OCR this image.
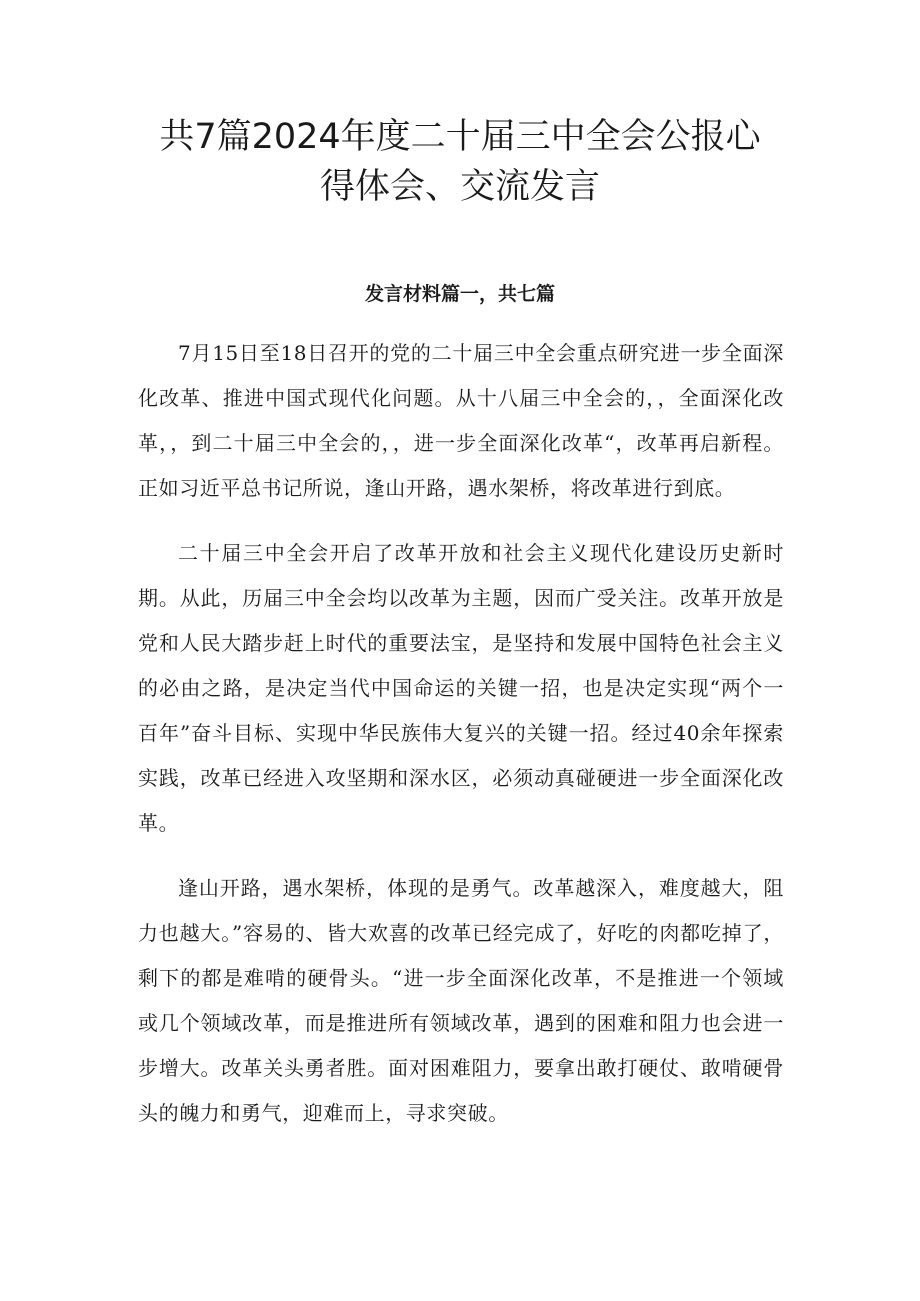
共7篇2024年度二十届三中全会公报心得体会、交流发言
发言材料篇一，共七篇

7月15日至18日召开的党的二十届三中全会重点研究进一步全面深化改革、推进中国式现代化问题。从十八届三中全会的，，全面深化改革，，到二十届三中全会的，，进一步全面深化改革“，改革再启新程。正如习近平总书记所说，逢山开路，遇水架桥，将改革进行到底。

二十届三中全会开启了改革开放和社会主义现代化建设历史新时期。从此，历届三中全会均以改革为主题，因而广受关注。改革开放是党和人民大踏步赶上时代的重要法宝，是坚持和发展中国特色社会主义的必由之路，是决定当代中国命运的关键一招，也是决定实现“两个一百年”奋斗目标、实现中华民族伟大复兴的关键一招。经过40余年探索实践，改革已经进入攻坚期和深水区，必须动真碰硬进一步全面深化改革。

逢山开路，遇水架桥，体现的是勇气。改革越深入，难度越大，阻力也越大。”容易的、皆大欢喜的改革已经完成了，好吃的肉都吃掉了，剩下的都是难啃的硬骨头。“进一步全面深化改革，不是推进一个领域或几个领域改革，而是推进所有领域改革，遇到的困难和阻力也会进一步增大。改革关头勇者胜。面对困难阻力，要拿出敢打硬仗、敢啃硬骨头的魄力和勇气，迎难而上，寻求突破。
